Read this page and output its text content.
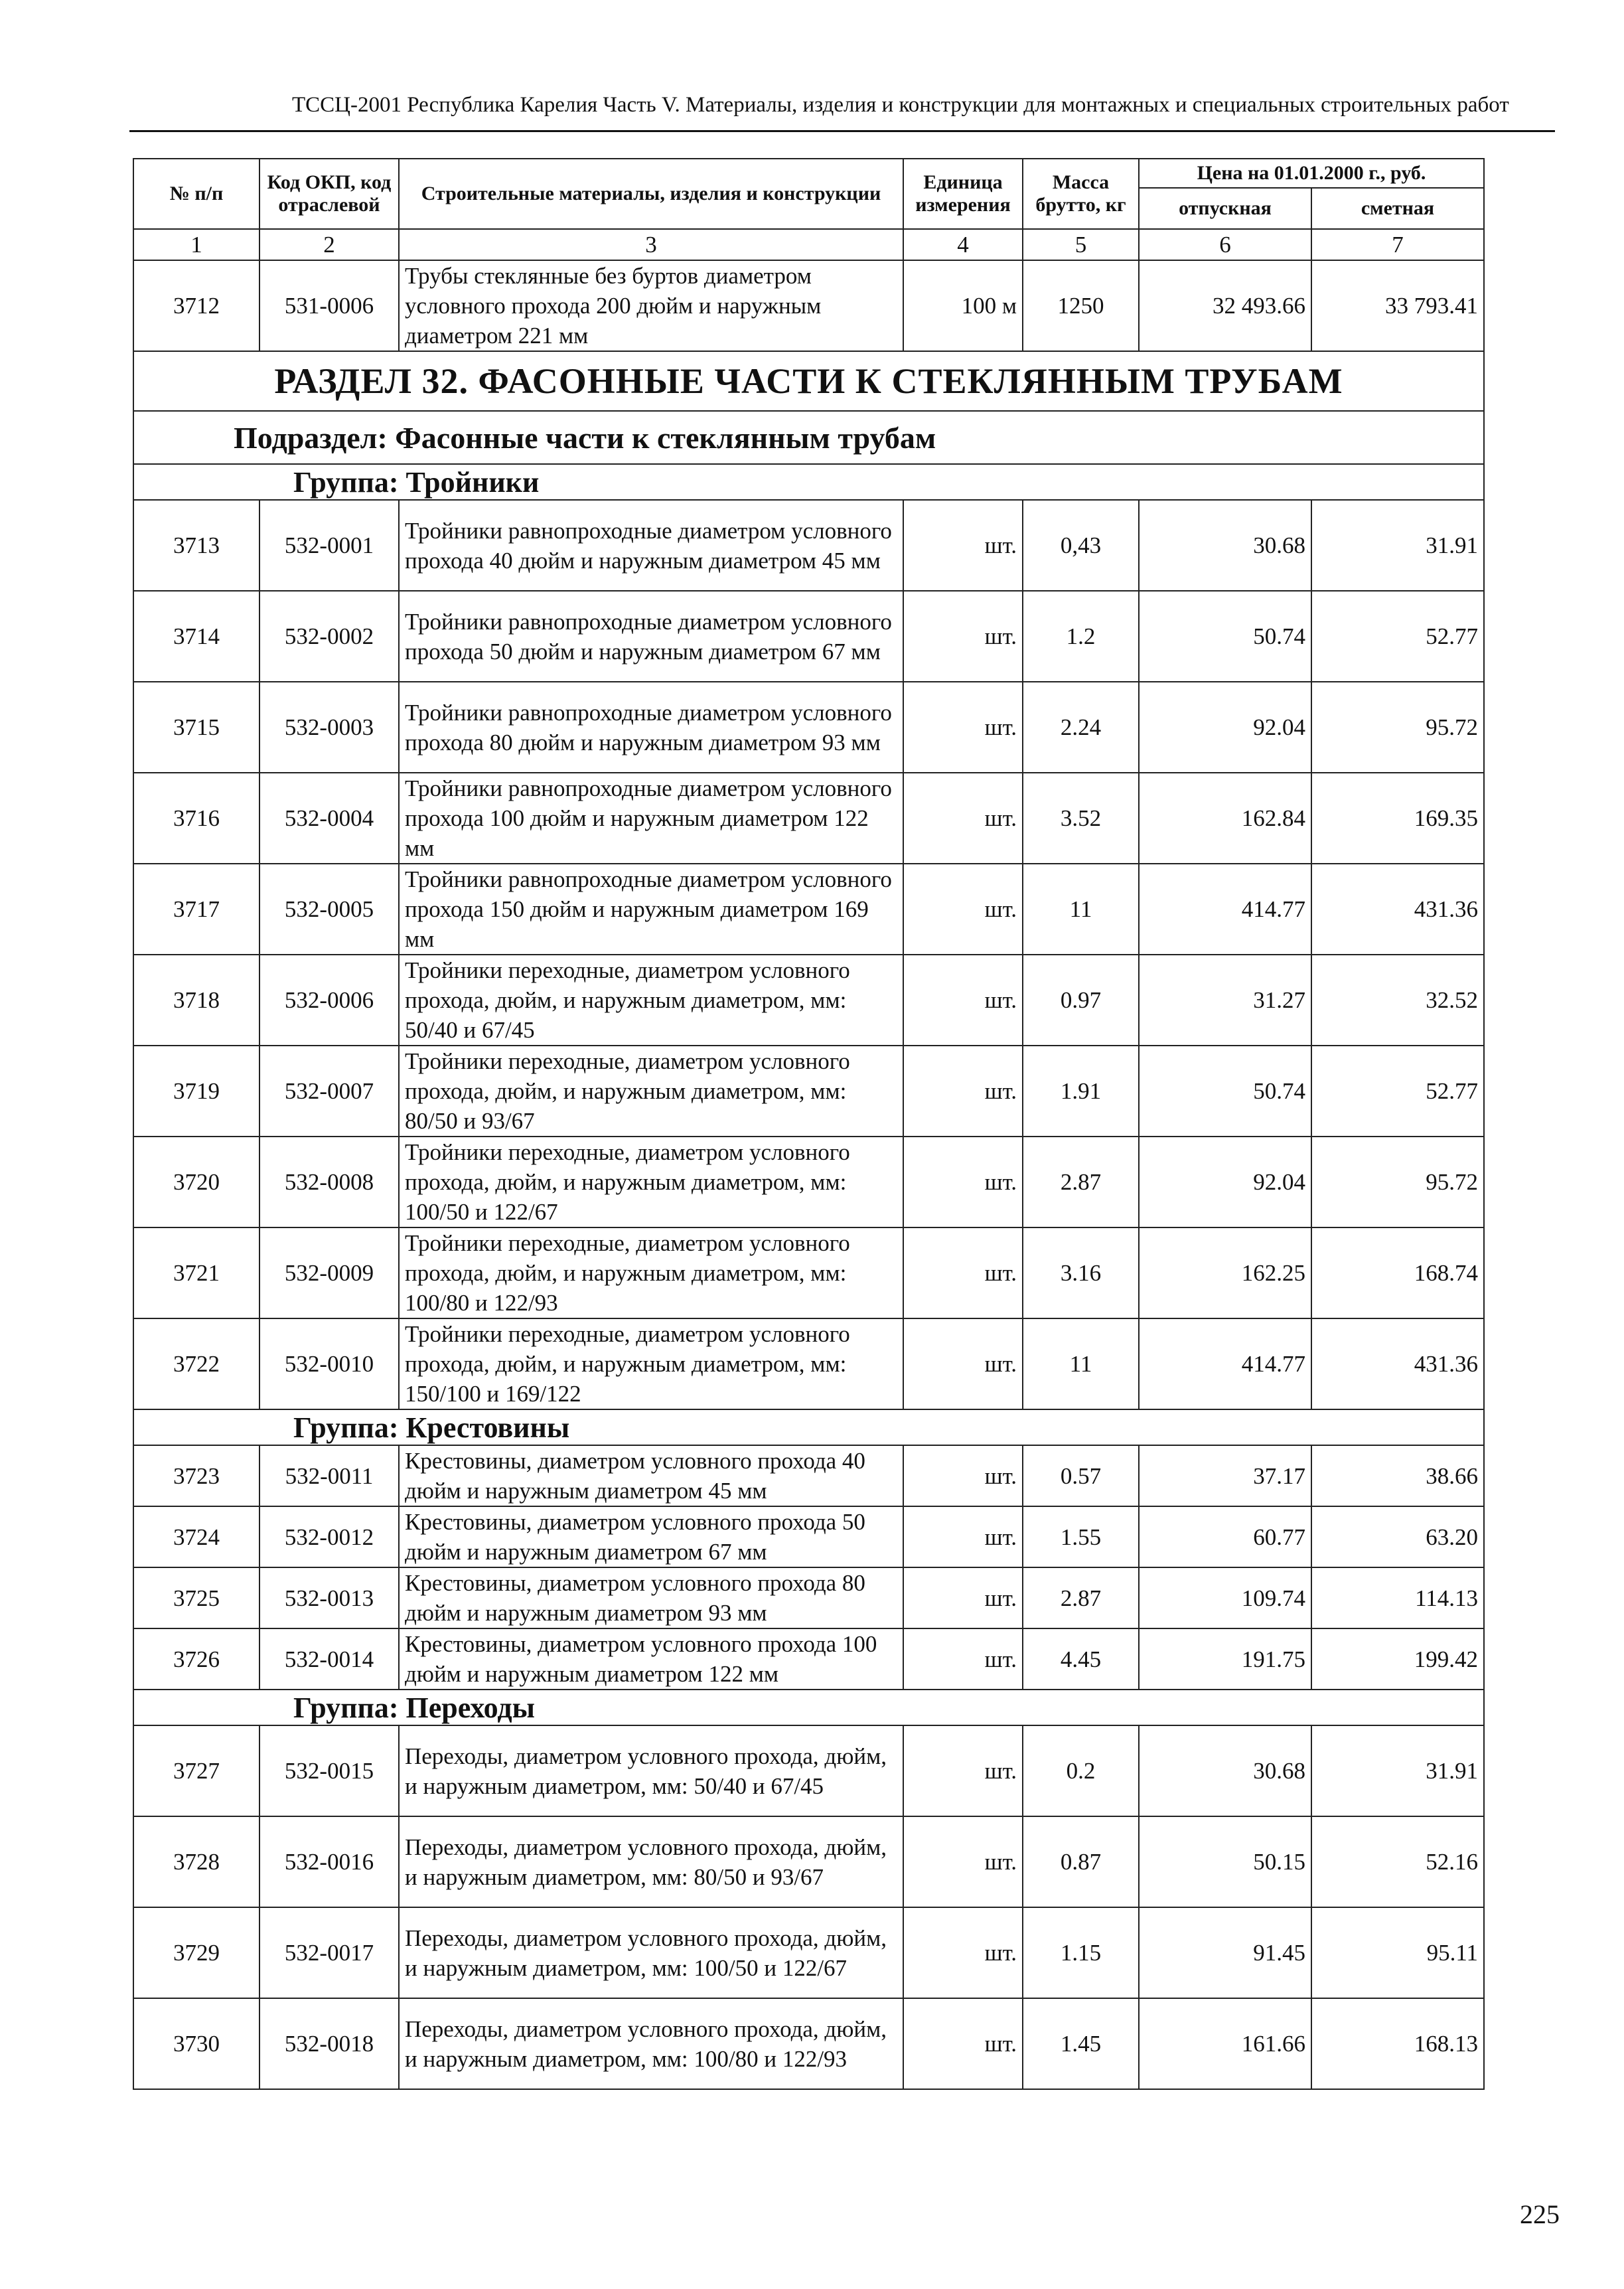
ТССЦ-2001 Республика Карелия Часть V. Материалы, изделия и конструкции для монтажных и специальных строительных работ
№ п/п	Код ОКП, код отраслевой	Строительные материалы, изделия и конструкции	Единица измерения	Масса брутто, кг	Цена на 01.01.2000 г., руб.	
					отпускная	сметная
1	2	3	4	5	6	7
3712	531-0006	Трубы стеклянные без буртов диаметром условного прохода 200 дюйм и наружным диаметром 221 мм	100 м	1250	32 493.66	33 793.41
РАЗДЕЛ 32. ФАСОННЫЕ ЧАСТИ К СТЕКЛЯННЫМ ТРУБАМ						
Подраздел: Фасонные части к стеклянным трубам						
Группа: Тройники						
3713	532-0001	Тройники равнопроходные диаметром условного прохода 40 дюйм и наружным диаметром 45 мм	шт.	0,43	30.68	31.91
3714	532-0002	Тройники равнопроходные диаметром условного прохода 50 дюйм и наружным диаметром 67 мм	шт.	1.2	50.74	52.77
3715	532-0003	Тройники равнопроходные диаметром условного прохода 80 дюйм и наружным диаметром 93 мм	шт.	2.24	92.04	95.72
3716	532-0004	Тройники равнопроходные диаметром условного прохода 100 дюйм и наружным диаметром 122 мм	шт.	3.52	162.84	169.35
3717	532-0005	Тройники равнопроходные диаметром условного прохода 150 дюйм и наружным диаметром 169 мм	шт.	11	414.77	431.36
3718	532-0006	Тройники переходные, диаметром условного прохода, дюйм, и наружным диаметром, мм: 50/40 и 67/45	шт.	0.97	31.27	32.52
3719	532-0007	Тройники переходные, диаметром условного прохода, дюйм, и наружным диаметром, мм: 80/50 и 93/67	шт.	1.91	50.74	52.77
3720	532-0008	Тройники переходные, диаметром условного прохода, дюйм, и наружным диаметром, мм: 100/50 и 122/67	шт.	2.87	92.04	95.72
3721	532-0009	Тройники переходные, диаметром условного прохода, дюйм, и наружным диаметром, мм: 100/80 и 122/93	шт.	3.16	162.25	168.74
3722	532-0010	Тройники переходные, диаметром условного прохода, дюйм, и наружным диаметром, мм: 150/100 и 169/122	шт.	11	414.77	431.36
Группа: Крестовины						
3723	532-0011	Крестовины, диаметром условного прохода 40 дюйм и наружным диаметром 45 мм	шт.	0.57	37.17	38.66
3724	532-0012	Крестовины, диаметром условного прохода 50 дюйм и наружным диаметром 67 мм	шт.	1.55	60.77	63.20
3725	532-0013	Крестовины, диаметром условного прохода 80 дюйм и наружным диаметром 93 мм	шт.	2.87	109.74	114.13
3726	532-0014	Крестовины, диаметром условного прохода 100 дюйм и наружным диаметром 122 мм	шт.	4.45	191.75	199.42
Группа: Переходы						
3727	532-0015	Переходы, диаметром условного прохода, дюйм, и наружным диаметром, мм: 50/40 и 67/45	шт.	0.2	30.68	31.91
3728	532-0016	Переходы, диаметром условного прохода, дюйм, и наружным диаметром, мм: 80/50 и 93/67	шт.	0.87	50.15	52.16
3729	532-0017	Переходы, диаметром условного прохода, дюйм, и наружным диаметром, мм: 100/50 и 122/67	шт.	1.15	91.45	95.11
3730	532-0018	Переходы, диаметром условного прохода, дюйм, и наружным диаметром, мм: 100/80 и 122/93	шт.	1.45	161.66	168.13
225
